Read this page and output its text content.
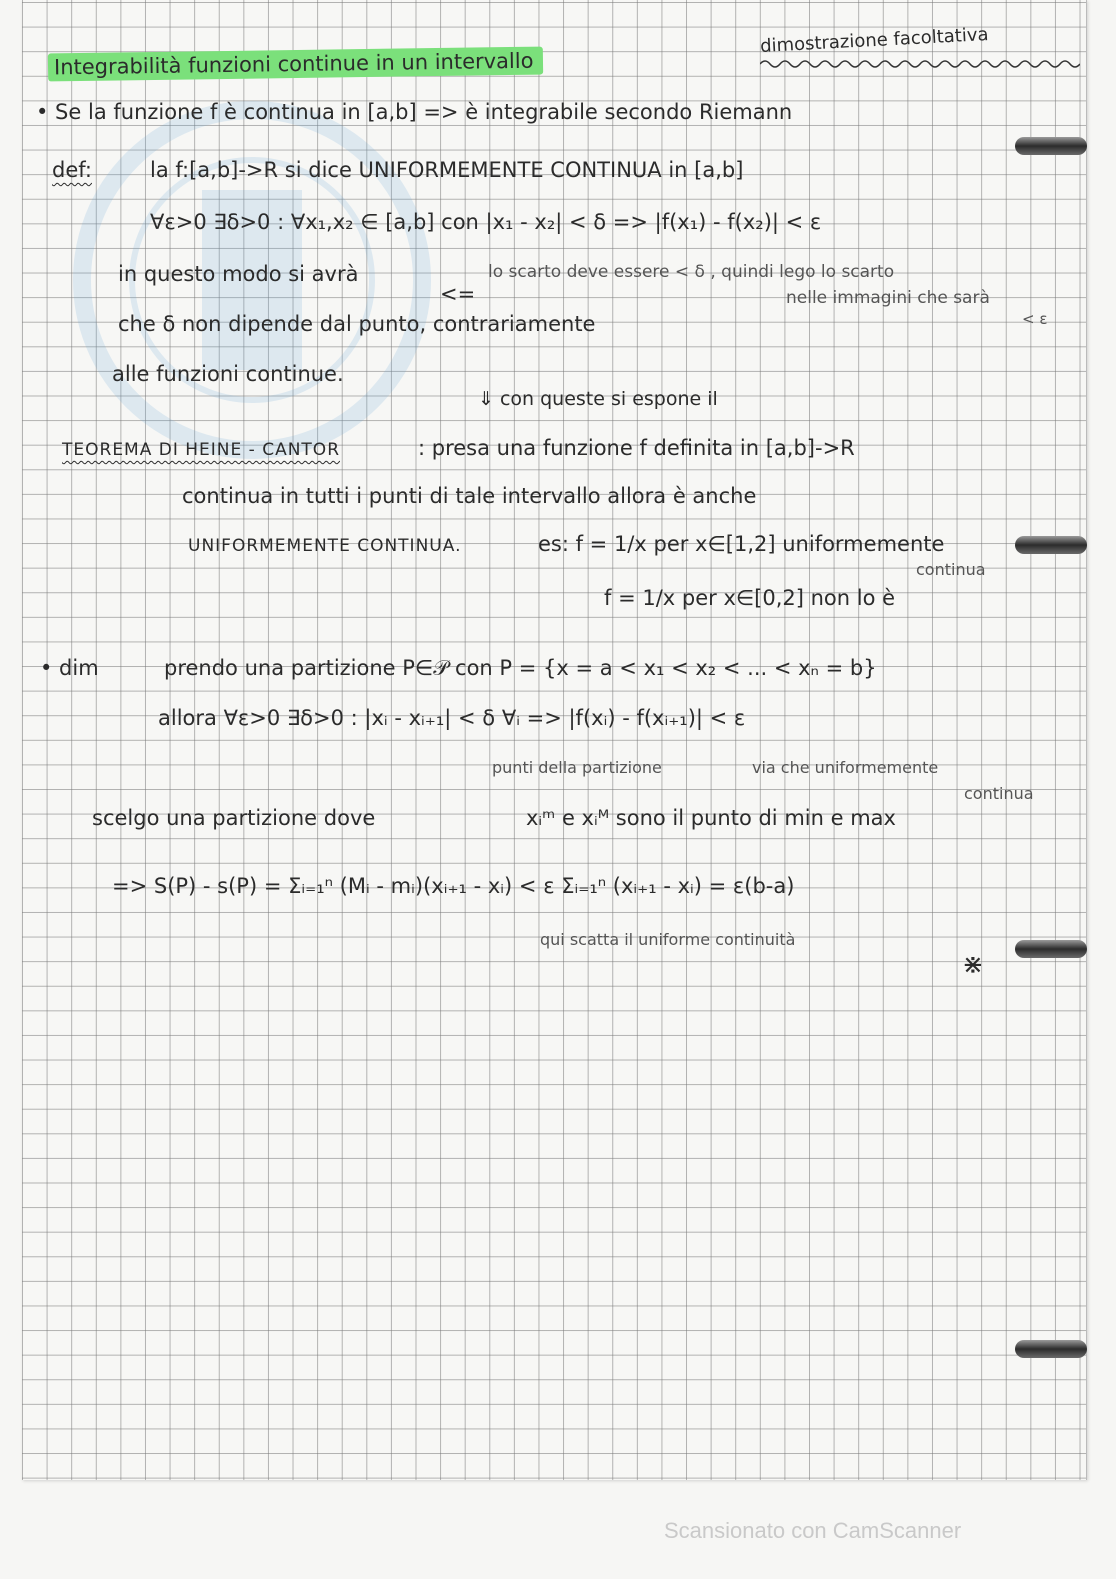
Integrabilità funzioni continue in un intervallo
dimostrazione facoltativa
• Se la funzione f è continua in [a,b] => è integrabile secondo Riemann
def:	la f:[a,b]->R si dice UNIFORMEMENTE CONTINUA in [a,b]
∀ε>0 ∃δ>0 : ∀x₁,x₂ ∈ [a,b] con |x₁ - x₂| < δ => |f(x₁) - f(x₂)| < ε
in questo modo si avrà
<=
lo scarto deve essere < δ , quindi lego lo scarto
nelle immagini che sarà
< ε
che δ non dipende dal punto, contrariamente
alle funzioni continue.
⇓ con queste si espone il
TEOREMA DI HEINE - CANTOR	: presa una funzione f definita in [a,b]->R
continua in tutti i punti di tale intervallo allora è anche
UNIFORMEMENTE CONTINUA.	es: f = 1/x per x∈[1,2] uniformemente
continua
f = 1/x per x∈[0,2] non lo è
• dim	prendo una partizione P∈𝒫 con P = {x = a < x₁ < x₂ < ... < xₙ = b}
allora ∀ε>0 ∃δ>0 : |xᵢ - xᵢ₊₁| < δ ∀ᵢ => |f(xᵢ) - f(xᵢ₊₁)| < ε
punti della partizione	via che uniformemente
continua
scelgo una partizione dove	xᵢᵐ e xᵢᴹ sono il punto di min e max
=> S(P) - s(P) = Σᵢ₌₁ⁿ (Mᵢ - mᵢ)(xᵢ₊₁ - xᵢ) < ε Σᵢ₌₁ⁿ (xᵢ₊₁ - xᵢ) = ε(b-a)
qui scatta il uniforme continuità
⋇
Scansionato con CamScanner
